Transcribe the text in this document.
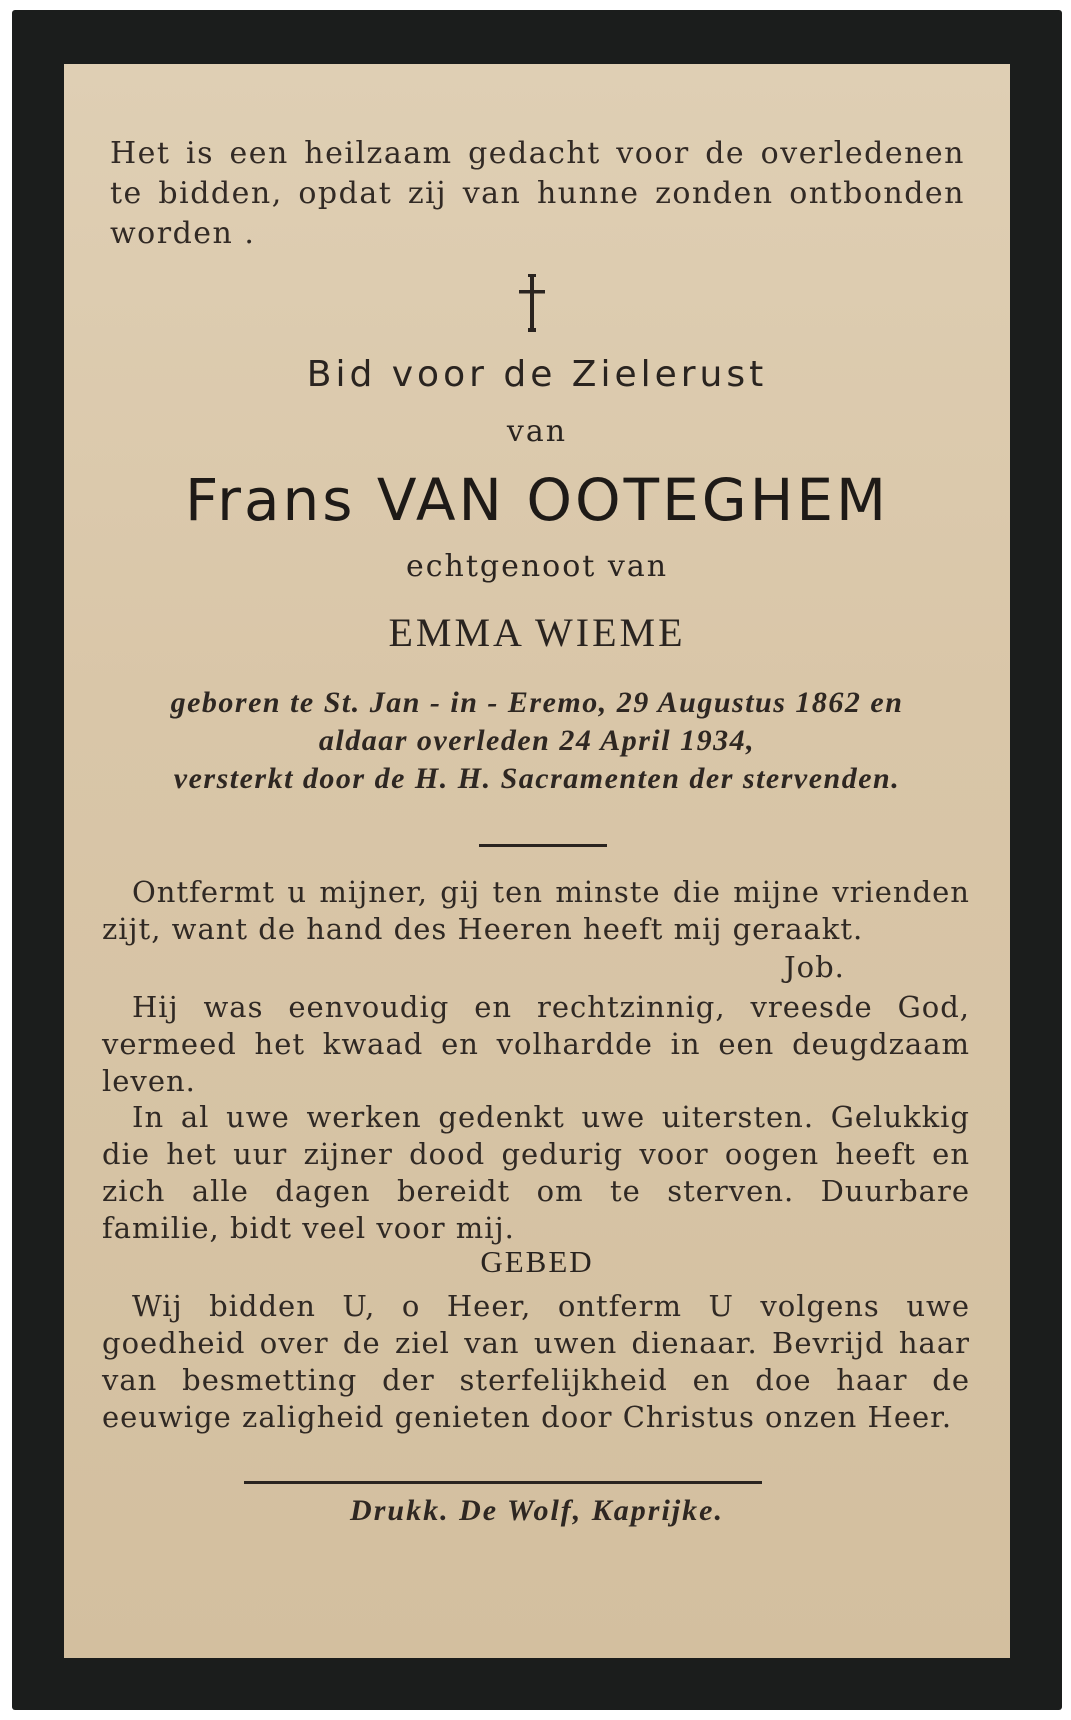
Het is een heilzaam gedacht voor de overledenen te bidden, opdat zij van hunne zonden ontbonden worden .

Bid voor de Zielerust
van
Frans VAN OOTEGHEM
echtgenoot van
EMMA WIEME
geboren te St. Jan - in - Eremo, 29 Augustus 1862 en
aldaar overleden 24 April 1934,
versterkt door de H. H. Sacramenten der stervenden.

Ontfermt u mijner, gij ten minste die mijne vrienden zijt, want de hand des Heeren heeft mij geraakt.

Job.

Hij was eenvoudig en rechtzinnig, vreesde God, vermeed het kwaad en volhardde in een deugdzaam leven.

In al uwe werken gedenkt uwe uitersten. Gelukkig die het uur zijner dood gedurig voor oogen heeft en zich alle dagen bereidt om te sterven. Duurbare familie, bidt veel voor mij.

GEBED

Wij bidden U, o Heer, ontferm U volgens uwe goedheid over de ziel van uwen dienaar. Bevrijd haar van besmetting der sterfelijkheid en doe haar de eeuwige zaligheid genieten door Christus onzen Heer.

Drukk. De Wolf, Kaprijke.
